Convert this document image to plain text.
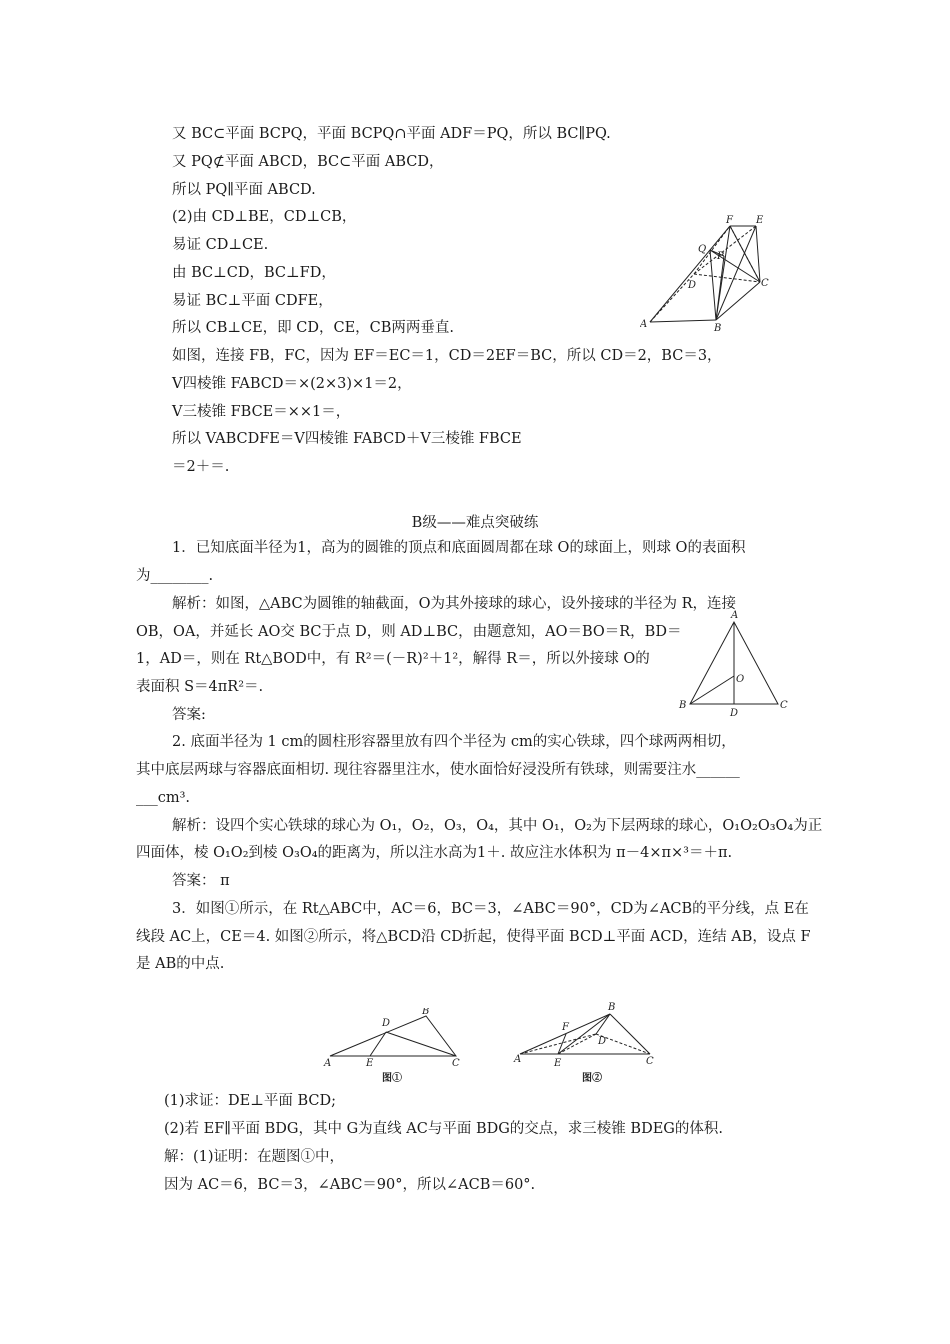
又 BC⊂平面 BCPQ，平面 BCPQ∩平面 ADF＝PQ，所以 BC∥PQ.
又 PQ⊄平面 ABCD，BC⊂平面 ABCD，
所以 PQ∥平面 ABCD.
(2)由 CD⊥BE，CD⊥CB，
易证 CD⊥CE.
由 BC⊥CD，BC⊥FD，
易证 BC⊥平面 CDFE，
所以 CB⊥CE，即 CD，CE，CB两两垂直.
如图，连接 FB，FC，因为 EF＝EC＝1，CD＝2EF＝BC，所以 CD＝2，BC＝3，
V四棱锥 FABCD＝×(2×3)×1＝2，
V三棱锥 FBCE＝××1＝，
所以 VABCDFE＝V四棱锥 FABCD＋V三棱锥 FBCE
＝2＋＝.
B级——难点突破练
1．已知底面半径为1，高为的圆锥的顶点和底面圆周都在球 O的球面上，则球 O的表面积
为________.
解析：如图，△ABC为圆锥的轴截面，O为其外接球的球心，设外接球的半径为 R，连接
OB，OA，并延长 AO交 BC于点 D，则 AD⊥BC，由题意知，AO＝BO＝R，BD＝
1，AD＝，则在 Rt△BOD中，有 R²＝(－R)²＋1²，解得 R＝，所以外接球 O的
表面积 S＝4πR²＝.
答案:
2. 底面半径为 1 cm的圆柱形容器里放有四个半径为 cm的实心铁球，四个球两两相切，
其中底层两球与容器底面相切. 现往容器里注水，使水面恰好浸没所有铁球，则需要注水______
___cm³.
解析：设四个实心铁球的球心为 O₁，O₂，O₃，O₄，其中 O₁，O₂为下层两球的球心，O₁O₂O₃O₄为正
四面体，棱 O₁O₂到棱 O₃O₄的距离为，所以注水高为1＋. 故应注水体积为 π－4×π×³＝＋π.
答案： π
3．如图①所示，在 Rt△ABC中，AC＝6，BC＝3，∠ABC＝90°，CD为∠ACB的平分线，点 E在
线段 AC上，CE＝4. 如图②所示，将△BCD沿 CD折起，使得平面 BCD⊥平面 ACD，连结 AB，设点 F
是 AB的中点.
(1)求证：DE⊥平面 BCD;
(2)若 EF∥平面 BDG，其中 G为直线 AC与平面 BDG的交点，求三棱锥 BDEG的体积.
解：(1)证明：在题图①中，
因为 AC＝6，BC＝3，∠ABC＝90°，所以∠ACB＝60°.
F E
Q
P
D	C
A	B
A
O
B
D
C
B
D
A	E	C
图①
B
F
D
A	E	C
图②
